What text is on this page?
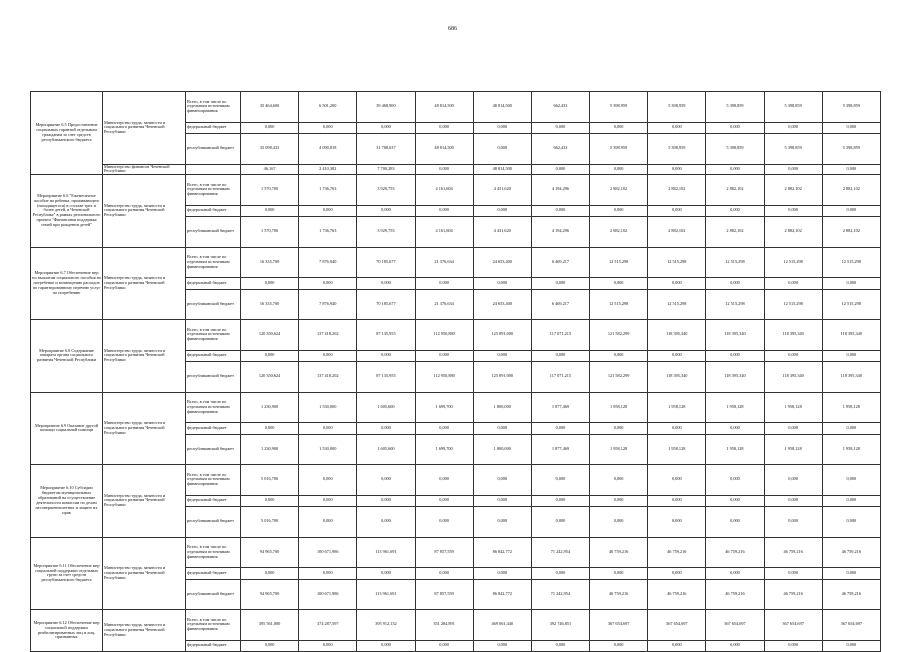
686
Мероприятие 6.5 Предоставление социальных гарантий отдельным гражданам за счет средств республиканского бюджета	Министерство труда, занятости и социального развития Чеченской Республики	Всего, в том числе по отдельным источникам финансирования	35 464,600	6 501,200	39 468,900	48 814,500	48 814,500	662,433	5 398,959	5 398,959	5 398,859	5 398,859	5 398,859
		федеральный бюджет	0,000	0,000	0,000	0,000	0,000	0,000	0,000	0,000	0,000	0,000	0,000
		республиканский бюджет	35 098,433	4 090,818	31 788,637	48 814,500	0,000	662,433	5 398,959	5 398,959	5 398,859	5 398,859	5 398,859
	Министерство финансов Чеченской Республики		46,167	2 410,382	7 700,283	0,000	48 814,500	0,000	0,000	0,000	0,000	0,000	0,000
Мероприятие 6.6 "Ежемесячное пособие на ребенка, проживающего (находящегося) в составе трех и более детей, в Чеченской Республике" в рамках регионального проекта "Финансовая поддержка семей при рождении детей"	Министерство труда, занятости и социального развития Чеченской Республики	Всего, в том числе по отдельным источникам финансирования	1 570,700	1 736,763	3 929,753	4 161,604	4 431,620	4 194,296	2 882,102	2 882,102	2 882,102	2 882,102	2 882,102
		федеральный бюджет	0,000	0,000	0,000	0,000	0,000	0,000	0,000	0,000	0,000	0,000	0,000
		республиканский бюджет	1 570,700	1 736,763	3 929,753	4 161,604	4 431,620	4 194,296	2 882,102	2 882,102	2 882,102	2 882,102	2 882,102
Мероприятие 6.7 Обеспечение мер по выплатам социального пособия на погребение и возмещению расходов по гарантированному перечню услуг по погребению	Министерство труда, занятости и социального развития Чеченской Республики	Всего, в том числе по отдельным источникам финансирования	16 335,700	7 876,940	70 185,677	21 376,634	24 653,400	6 469,217	12 515,298	12 515,298	12 515,298	12 515,298	12 515,298
		федеральный бюджет	0,000	0,000	0,000	0,000	0,000	0,000	0,000	0,000	0,000	0,000	0,000
		республиканский бюджет	16 335,700	7 876,940	70 185,677	21 376,634	24 653,400	6 469,217	12 515,298	12 515,298	12 515,298	12 515,298	12 515,298
Мероприятие 6.8 Содержание аппарата органа социального развития Чеченской Республики	Министерство труда, занятости и социального развития Чеченской Республики	Всего, в том числе по отдельным источникам финансирования	120 350,624	137 418,202	87 135,955	112 950,880	125 891,000	117 071,215	121 582,299	118 395,340	118 395,340	118 395,340	118 395,340
		федеральный бюджет	0,000	0,000	0,000	0,000	0,000	0,000	0,000	0,000	0,000	0,000	0,000
		республиканский бюджет	120 350,624	137 418,202	87 135,955	112 950,880	125 891,000	117 071,215	121 582,299	118 395,340	118 395,340	118 395,340	118 395,340
Мероприятие 6.9 Оказание другой помощи социальной помощи	Министерство труда, занятости и социального развития Чеченской Республики	Всего, в том числе по отдельным источникам финансирования	1 230,900	1 530,000	1 605,600	1 699,700	1 800,000	1 877,469	1 958,128	1 958,128	1 958,128	1 958,128	1 958,128
		федеральный бюджет	0,000	0,000	0,000	0,000	0,000	0,000	0,000	0,000	0,000	0,000	0,000
		республиканский бюджет	1 230,900	1 530,000	1 605,600	1 699,700	1 800,000	1 877,469	1 958,128	1 958,128	1 958,128	1 958,128	1 958,128
Мероприятие 6.10 Субсидии бюджетам муниципальных образований на осуществление деятельности комиссии по делам несовершеннолетних и защите их прав	Министерство труда, занятости и социального развития Чеченской Республики	Всего, в том числе по отдельным источникам финансирования	5 016,700	0,000	0,000	0,000	0,000	0,000	0,000	0,000	0,000	0,000	0,000
		федеральный бюджет	0,000	0,000	0,000	0,000	0,000	0,000	0,000	0,000	0,000	0,000	0,000
		республиканский бюджет	5 016,700	0,000	0,000	0,000	0,000	0,000	0,000	0,000	0,000	0,000	0,000
Мероприятие 6.11 Обеспечение мер социальной поддержки отдельных групп за счет средств республиканского бюджета	Министерство труда, занятости и социального развития Чеченской Республики	Всего, в том числе по отдельным источникам финансирования	94 965,700	100 671,986	113 961,691	87 857,559	86 842,772	71 242,954	46 759,216	46 759,216	46 759,216	46 759,216	46 759,216
		федеральный бюджет	0,000	0,000	0,000	0,000	0,000	0,000	0,000	0,000	0,000	0,000	0,000
		республиканский бюджет	94 965,700	100 671,986	113 961,691	87 857,559	86 842,772	71 242,954	46 759,216	46 759,216	46 759,216	46 759,216	46 759,216
Мероприятие 6.12 Обеспечение мер социальной поддержки реабилитированных лиц и лиц, признанных	Министерство труда, занятости и социального развития Чеченской Республики	Всего, в том числе по отдельным источникам финансирования	395 561,000	374 287,597	395 912,132	351 284,891	469 061,440	392 746,851	367 654,697	367 654,697	367 654,697	367 654,697	367 654,697
		федеральный бюджет	0,000	0,000	0,000	0,000	0,000	0,000	0,000	0,000	0,000	0,000	0,000
